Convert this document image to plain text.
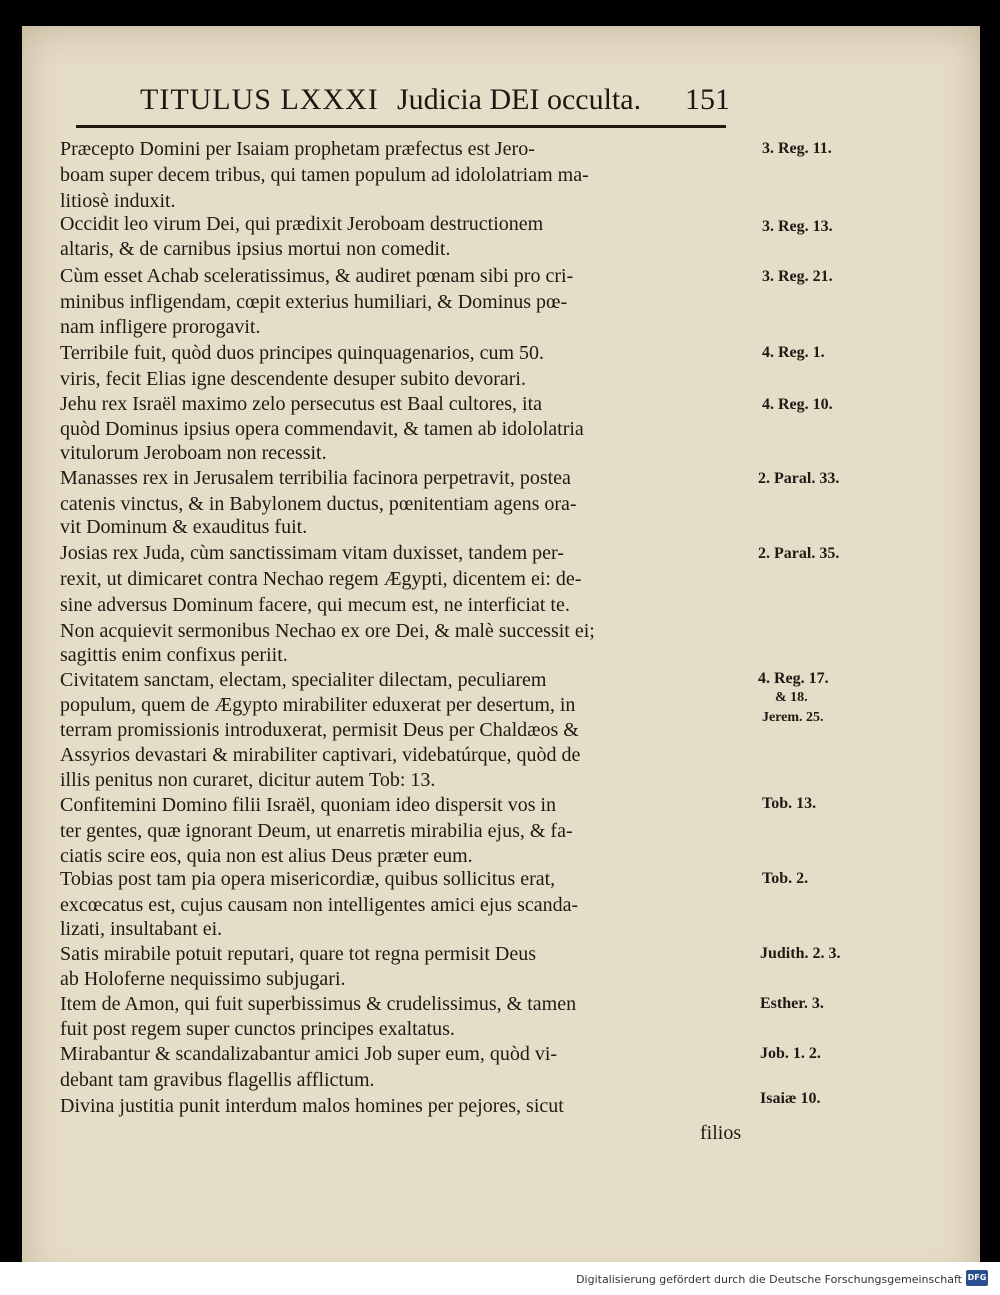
TITULUS LXXXI Judicia DEI occulta. 151
Præcepto Domini per Isaiam prophetam præfectus est Jero-
boam super decem tribus, qui tamen populum ad idololatriam ma-
litiosè induxit.
Occidit leo virum Dei, qui prædixit Jeroboam destructionem
altaris, & de carnibus ipsius mortui non comedit.
Cùm esset Achab sceleratissimus, & audiret pœnam sibi pro cri-
minibus infligendam, cœpit exterius humiliari, & Dominus pœ-
nam infligere prorogavit.
Terribile fuit, quòd duos principes quinquagenarios, cum 50.
viris, fecit Elias igne descendente desuper subito devorari.
Jehu rex Israël maximo zelo persecutus est Baal cultores, ita
quòd Dominus ipsius opera commendavit, & tamen ab idololatria
vitulorum Jeroboam non recessit.
Manasses rex in Jerusalem terribilia facinora perpetravit, postea
catenis vinctus, & in Babylonem ductus, pœnitentiam agens ora-
vit Dominum & exauditus fuit.
Josias rex Juda, cùm sanctissimam vitam duxisset, tandem per-
rexit, ut dimicaret contra Nechao regem Ægypti, dicentem ei: de-
sine adversus Dominum facere, qui mecum est, ne interficiat te.
Non acquievit sermonibus Nechao ex ore Dei, & malè successit ei;
sagittis enim confixus periit.
Civitatem sanctam, electam, specialiter dilectam, peculiarem
populum, quem de Ægypto mirabiliter eduxerat per desertum, in
terram promissionis introduxerat, permisit Deus per Chaldæos &
Assyrios devastari & mirabiliter captivari, videbatúrque, quòd de
illis penitus non curaret, dicitur autem Tob: 13.
Confitemini Domino filii Israël, quoniam ideo dispersit vos in
ter gentes, quæ ignorant Deum, ut enarretis mirabilia ejus, & fa-
ciatis scire eos, quia non est alius Deus præter eum.
Tobias post tam pia opera misericordiæ, quibus sollicitus erat,
excœcatus est, cujus causam non intelligentes amici ejus scanda-
lizati, insultabant ei.
Satis mirabile potuit reputari, quare tot regna permisit Deus
ab Holoferne nequissimo subjugari.
Item de Amon, qui fuit superbissimus & crudelissimus, & tamen
fuit post regem super cunctos principes exaltatus.
Mirabantur & scandalizabantur amici Job super eum, quòd vi-
debant tam gravibus flagellis afflictum.
Divina justitia punit interdum malos homines per pejores, sicut
filios
3. Reg. 11.
3. Reg. 13.
3. Reg. 21.
4. Reg. 1.
4. Reg. 10.
2. Paral. 33.
2. Paral. 35.
4. Reg. 17.
& 18.
Jerem. 25.
Tob. 13.
Tob. 2.
Judith. 2. 3.
Esther. 3.
Job. 1. 2.
Isaiæ 10.
Digitalisierung gefördert durch die Deutsche Forschungsgemeinschaft DFG
